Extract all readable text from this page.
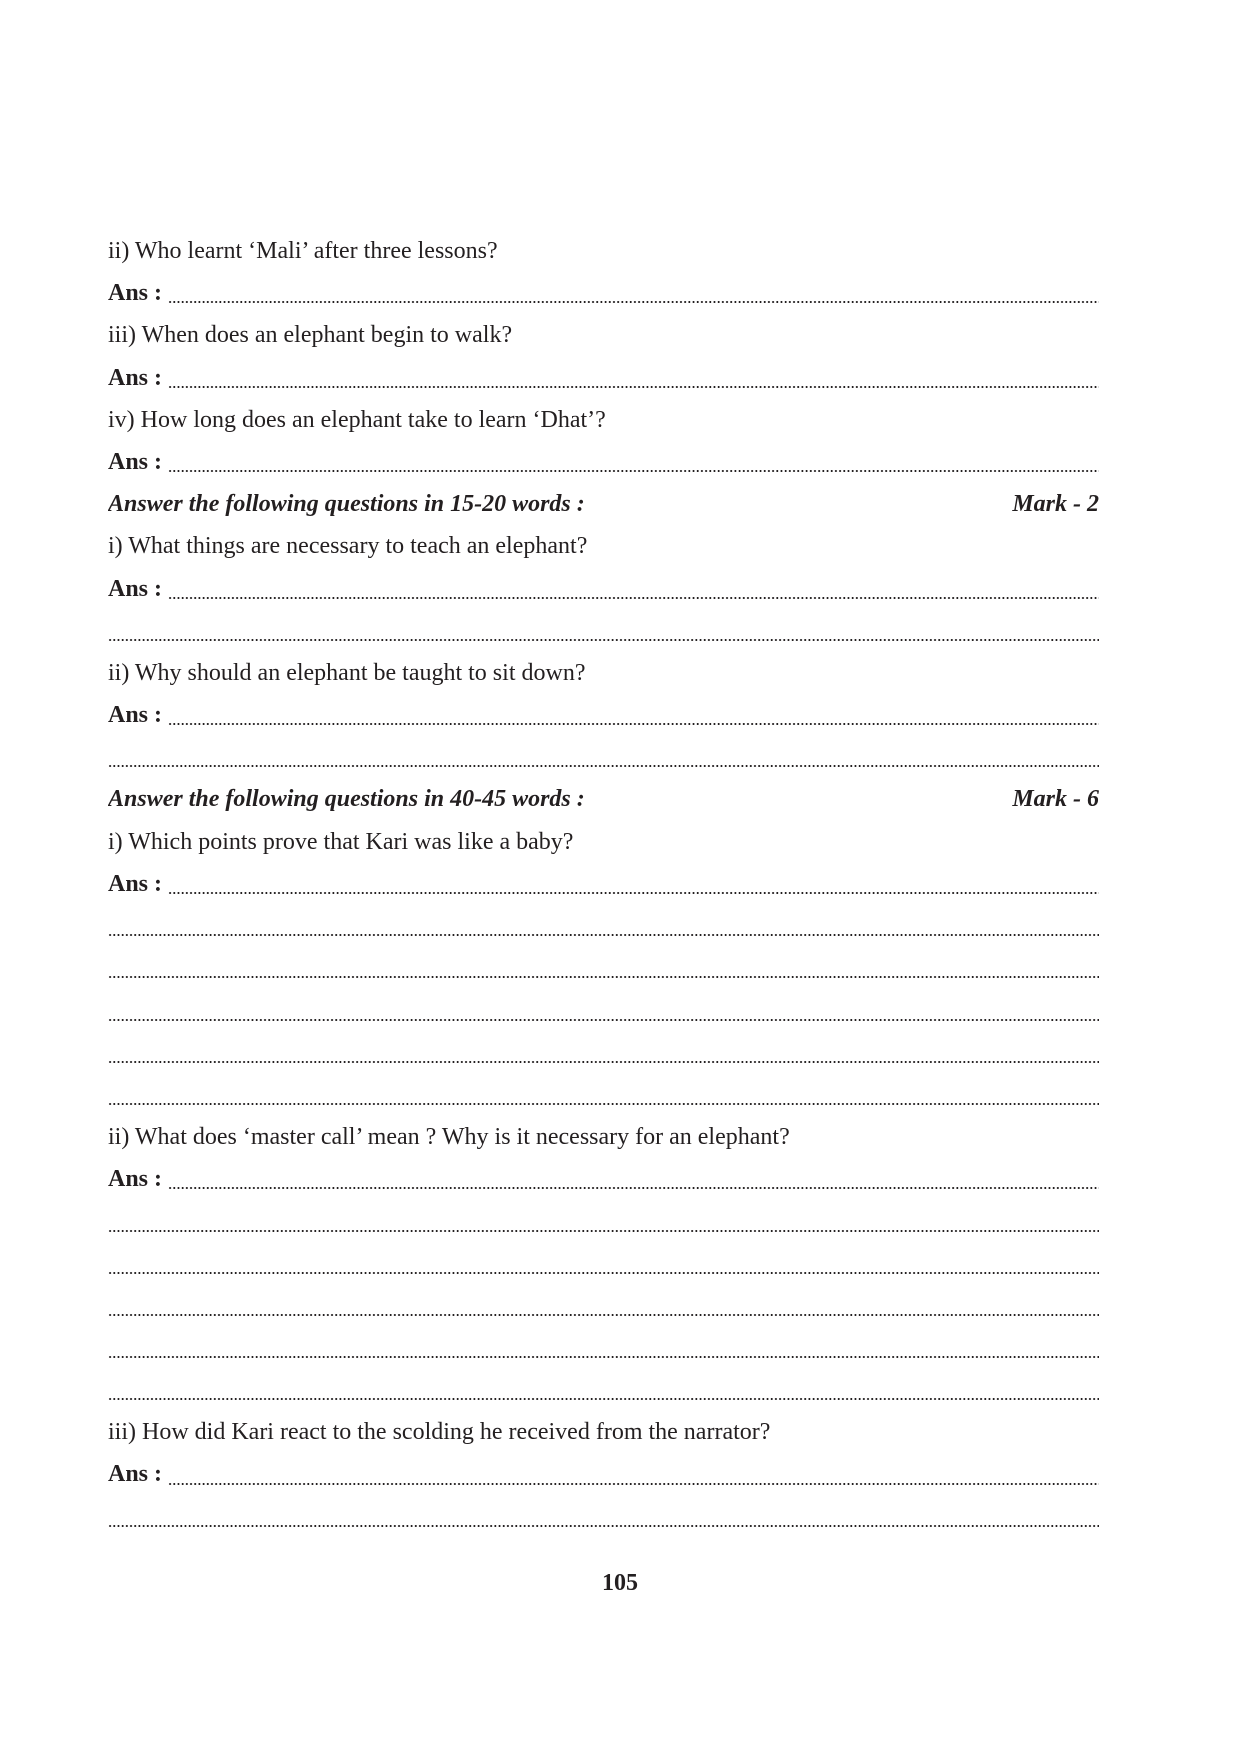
ii) Who learnt ‘Mali’ after three lessons?
Ans :
iii) When does an elephant begin to walk?
Ans :
iv) How long does an elephant take to learn ‘Dhat’?
Ans :
Answer the following questions in 15-20 words :	Mark - 2
i) What things are necessary to teach an elephant?
Ans :
ii) Why should an elephant be taught to sit down?
Ans :
Answer the following questions in 40-45 words :	Mark - 6
i) Which points prove that Kari was like a baby?
Ans :
ii) What does ‘master call’ mean ? Why is it necessary for an elephant?
Ans :
iii) How did Kari react to the scolding he received from the narrator?
Ans :
105
